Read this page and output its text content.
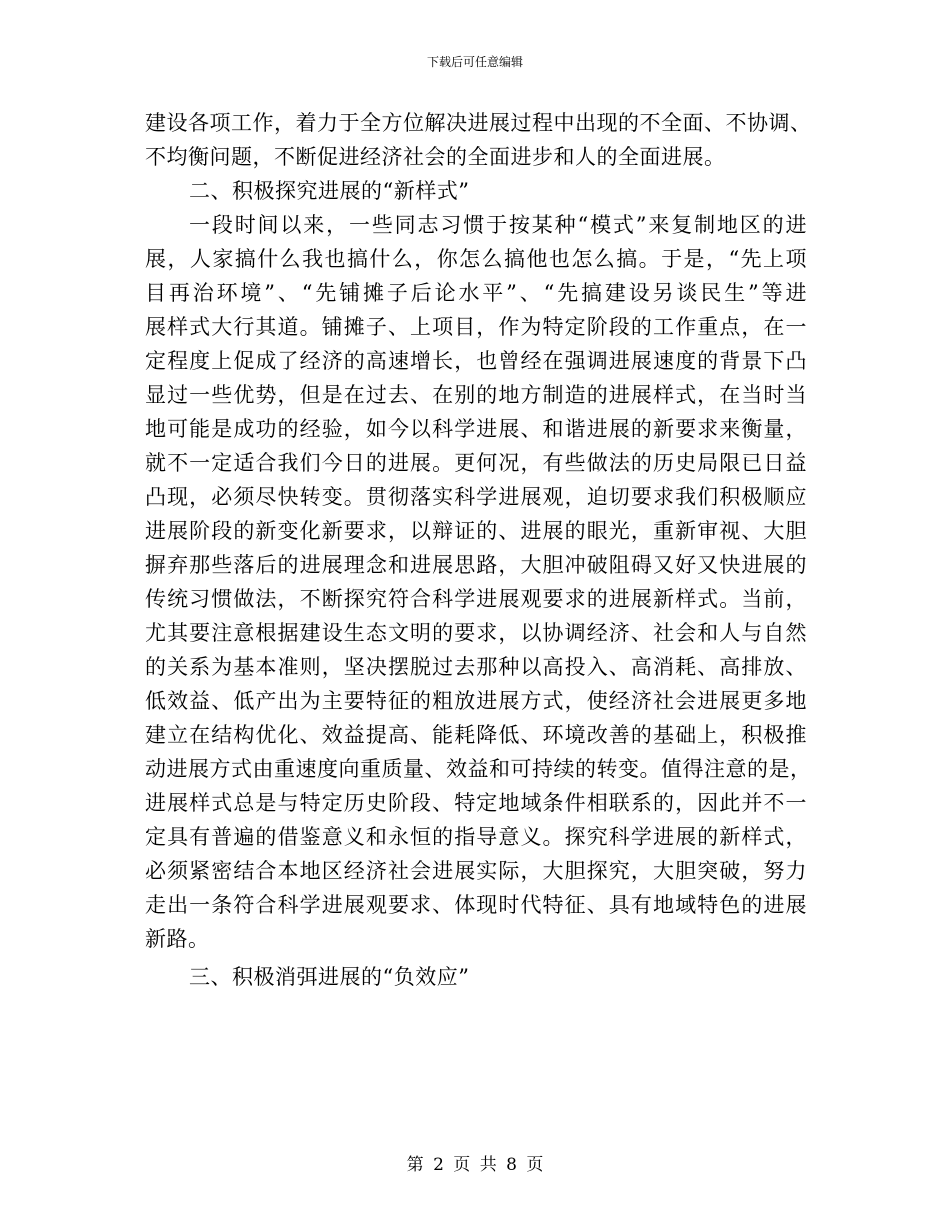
下载后可任意编辑
建设各项工作，着力于全方位解决进展过程中出现的不全面、不协调、
不均衡问题，不断促进经济社会的全面进步和人的全面进展。
二、积极探究进展的“新样式”
一段时间以来，一些同志习惯于按某种“模式”来复制地区的进
展，人家搞什么我也搞什么，你怎么搞他也怎么搞。于是，“先上项
目再治环境”、“先铺摊子后论水平”、“先搞建设另谈民生”等进
展样式大行其道。铺摊子、上项目，作为特定阶段的工作重点，在一
定程度上促成了经济的高速增长，也曾经在强调进展速度的背景下凸
显过一些优势，但是在过去、在别的地方制造的进展样式，在当时当
地可能是成功的经验，如今以科学进展、和谐进展的新要求来衡量，
就不一定适合我们今日的进展。更何况，有些做法的历史局限已日益
凸现，必须尽快转变。贯彻落实科学进展观，迫切要求我们积极顺应
进展阶段的新变化新要求，以辩证的、进展的眼光，重新审视、大胆
摒弃那些落后的进展理念和进展思路，大胆冲破阻碍又好又快进展的
传统习惯做法，不断探究符合科学进展观要求的进展新样式。当前，
尤其要注意根据建设生态文明的要求，以协调经济、社会和人与自然
的关系为基本准则，坚决摆脱过去那种以高投入、高消耗、高排放、
低效益、低产出为主要特征的粗放进展方式，使经济社会进展更多地
建立在结构优化、效益提高、能耗降低、环境改善的基础上，积极推
动进展方式由重速度向重质量、效益和可持续的转变。值得注意的是，
进展样式总是与特定历史阶段、特定地域条件相联系的，因此并不一
定具有普遍的借鉴意义和永恒的指导意义。探究科学进展的新样式，
必须紧密结合本地区经济社会进展实际，大胆探究，大胆突破，努力
走出一条符合科学进展观要求、体现时代特征、具有地域特色的进展
新路。
三、积极消弭进展的“负效应”
第 2 页 共 8 页
